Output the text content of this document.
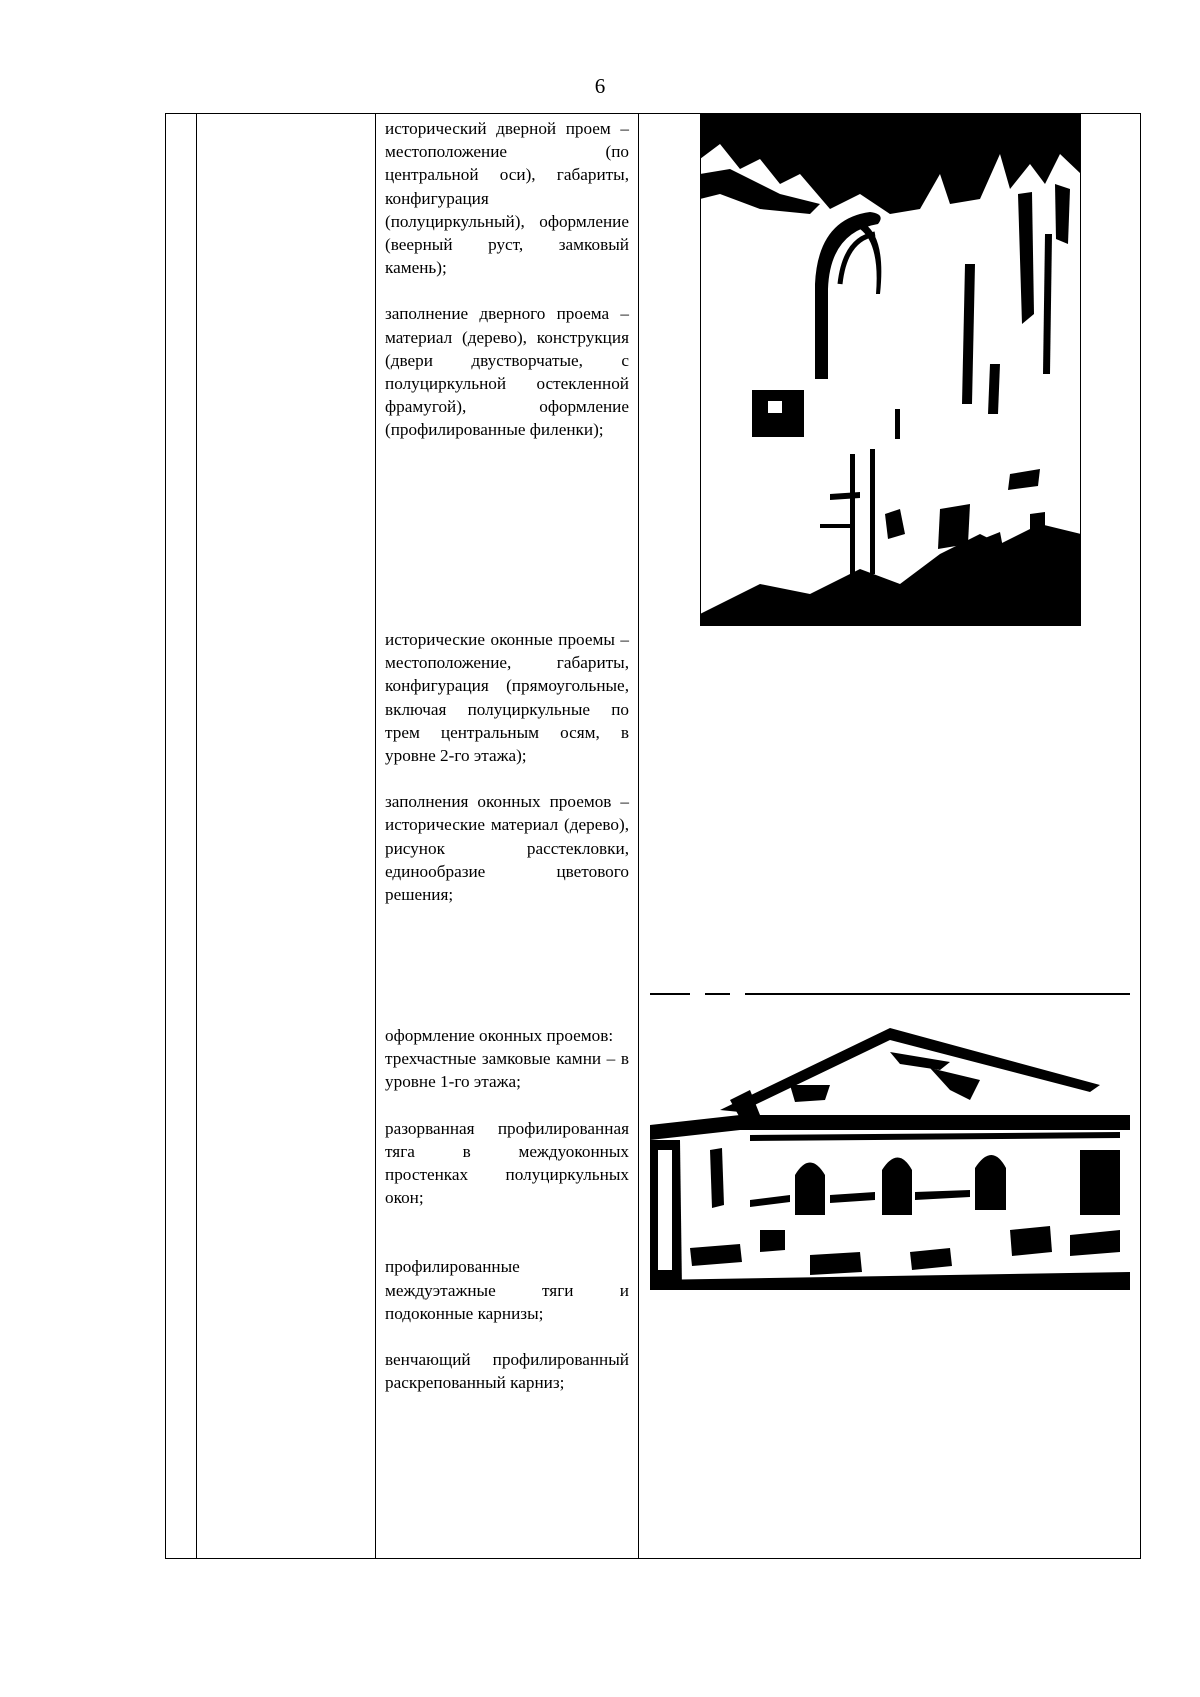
6
исторический дверной проем – местоположение (по центральной оси), габариты, конфигурация (полуциркульный), оформление (веерный руст, замковый камень);
заполнение дверного проема – материал (дерево), конструкция (двери двустворчатые, с полуциркульной остекленной фрамугой), оформление (профилированные филенки);
исторические оконные проемы – местоположение, габариты, конфигурация (прямоугольные, включая полуциркульные по трем центральным осям, в уровне 2-го этажа);
заполнения оконных проемов – исторические материал (дерево), рисунок расстекловки, единообразие цветового решения;
оформление оконных проемов:
трехчастные замковые камни – в уровне 1-го этажа;
разорванная профилированная тяга в междуоконных простенках полуциркульных окон;
профилированные междуэтажные тяги и подоконные карнизы;
венчающий профилированный раскрепованный карниз;
